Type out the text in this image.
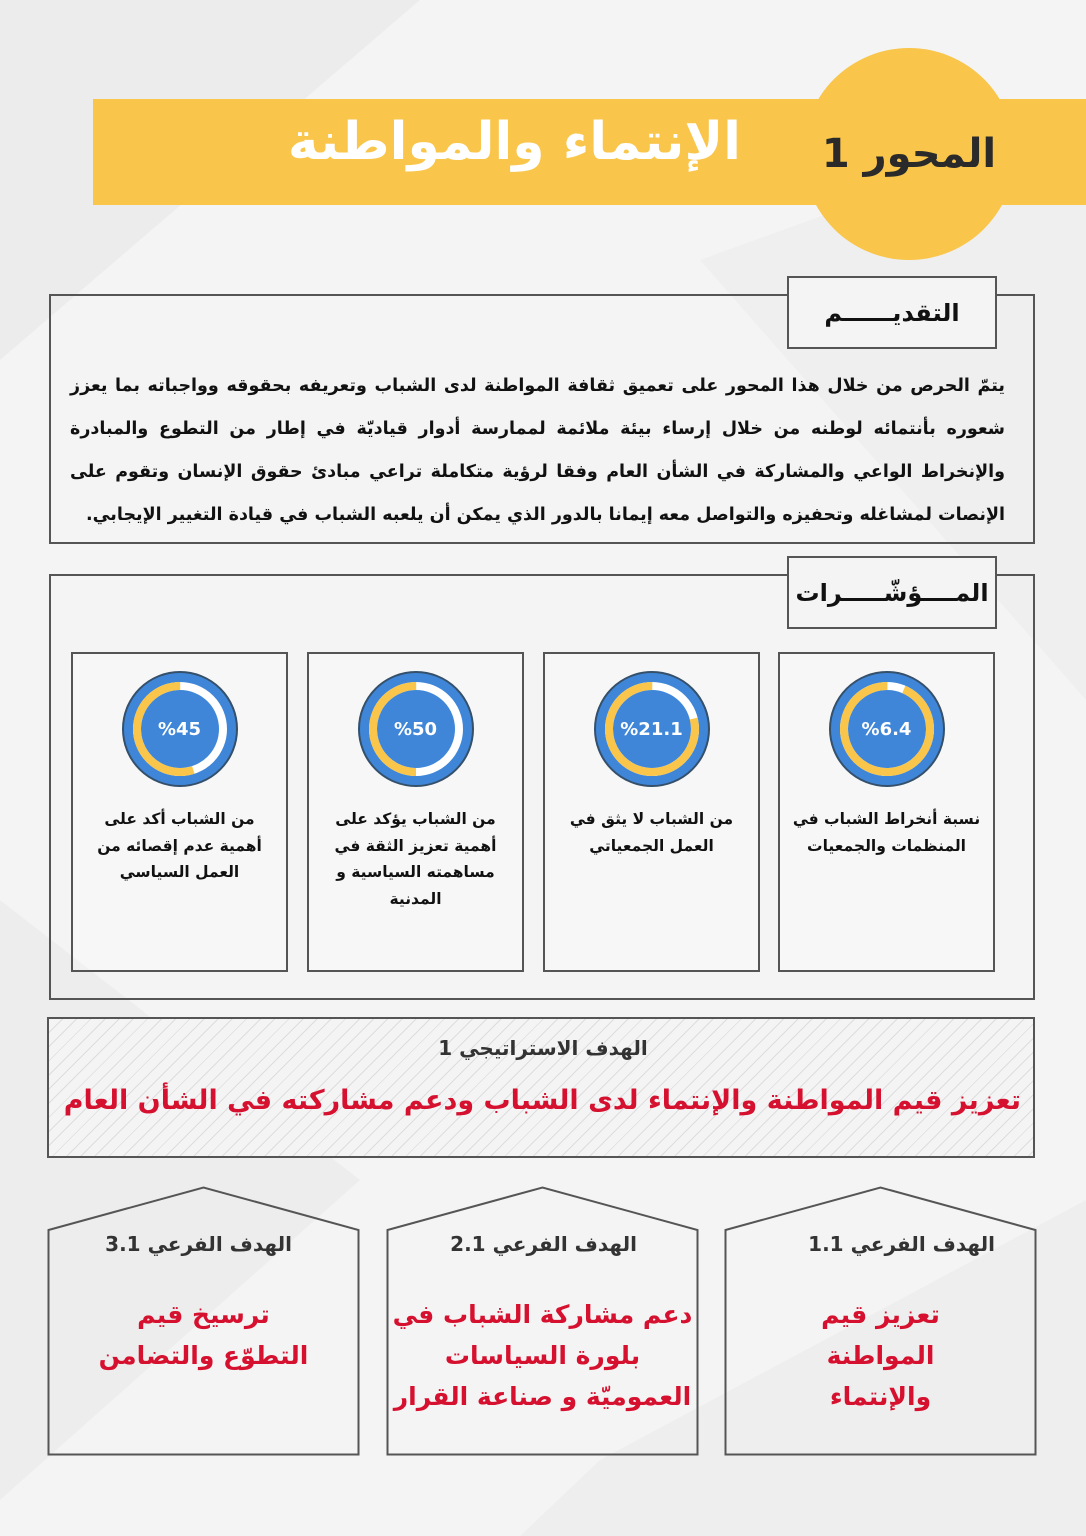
الإنتماء والمواطنة المحور 1
التقديــــــم

يتمّ الحرص من خلال هذا المحور على تعميق ثقافة المواطنة لدى الشباب وتعريفه بحقوقه وواجباته بما يعزز شعوره بأنتمائه لوطنه من خلال إرساء بيئة ملائمة لممارسة أدوار قياديّة في إطار من التطوع والمبادرة والإنخراط الواعي والمشاركة في الشأن العام وفقا لرؤية متكاملة تراعي مبادئ حقوق الإنسان وتقوم على الإنصات لمشاغله وتحفيزه والتواصل معه إيمانا بالدور الذي يمكن أن يلعبه الشباب في قيادة التغيير الإيجابي.

المــــؤشّـــــرات
%6.4
نسبة أنخراط الشباب في المنظمات والجمعيات
%21.1
من الشباب لا يثق في العمل الجمعياتي
%50
من الشباب يؤكد على أهمية تعزيز الثقة في مساهمته السياسية و المدنية
%45
من الشباب أكد على أهمية عدم إقصائه من العمل السياسي
الهدف الاستراتيجي 1
تعزيز قيم المواطنة والإنتماء لدى الشباب ودعم مشاركته في الشأن العام
الهدف الفرعي 1.1
تعزيز قيم المواطنة والإنتماء
الهدف الفرعي 2.1
دعم مشاركة الشباب في بلورة السياسات العموميّة و صناعة القرار
الهدف الفرعي 3.1
ترسيخ قيم التطوّع والتضامن
